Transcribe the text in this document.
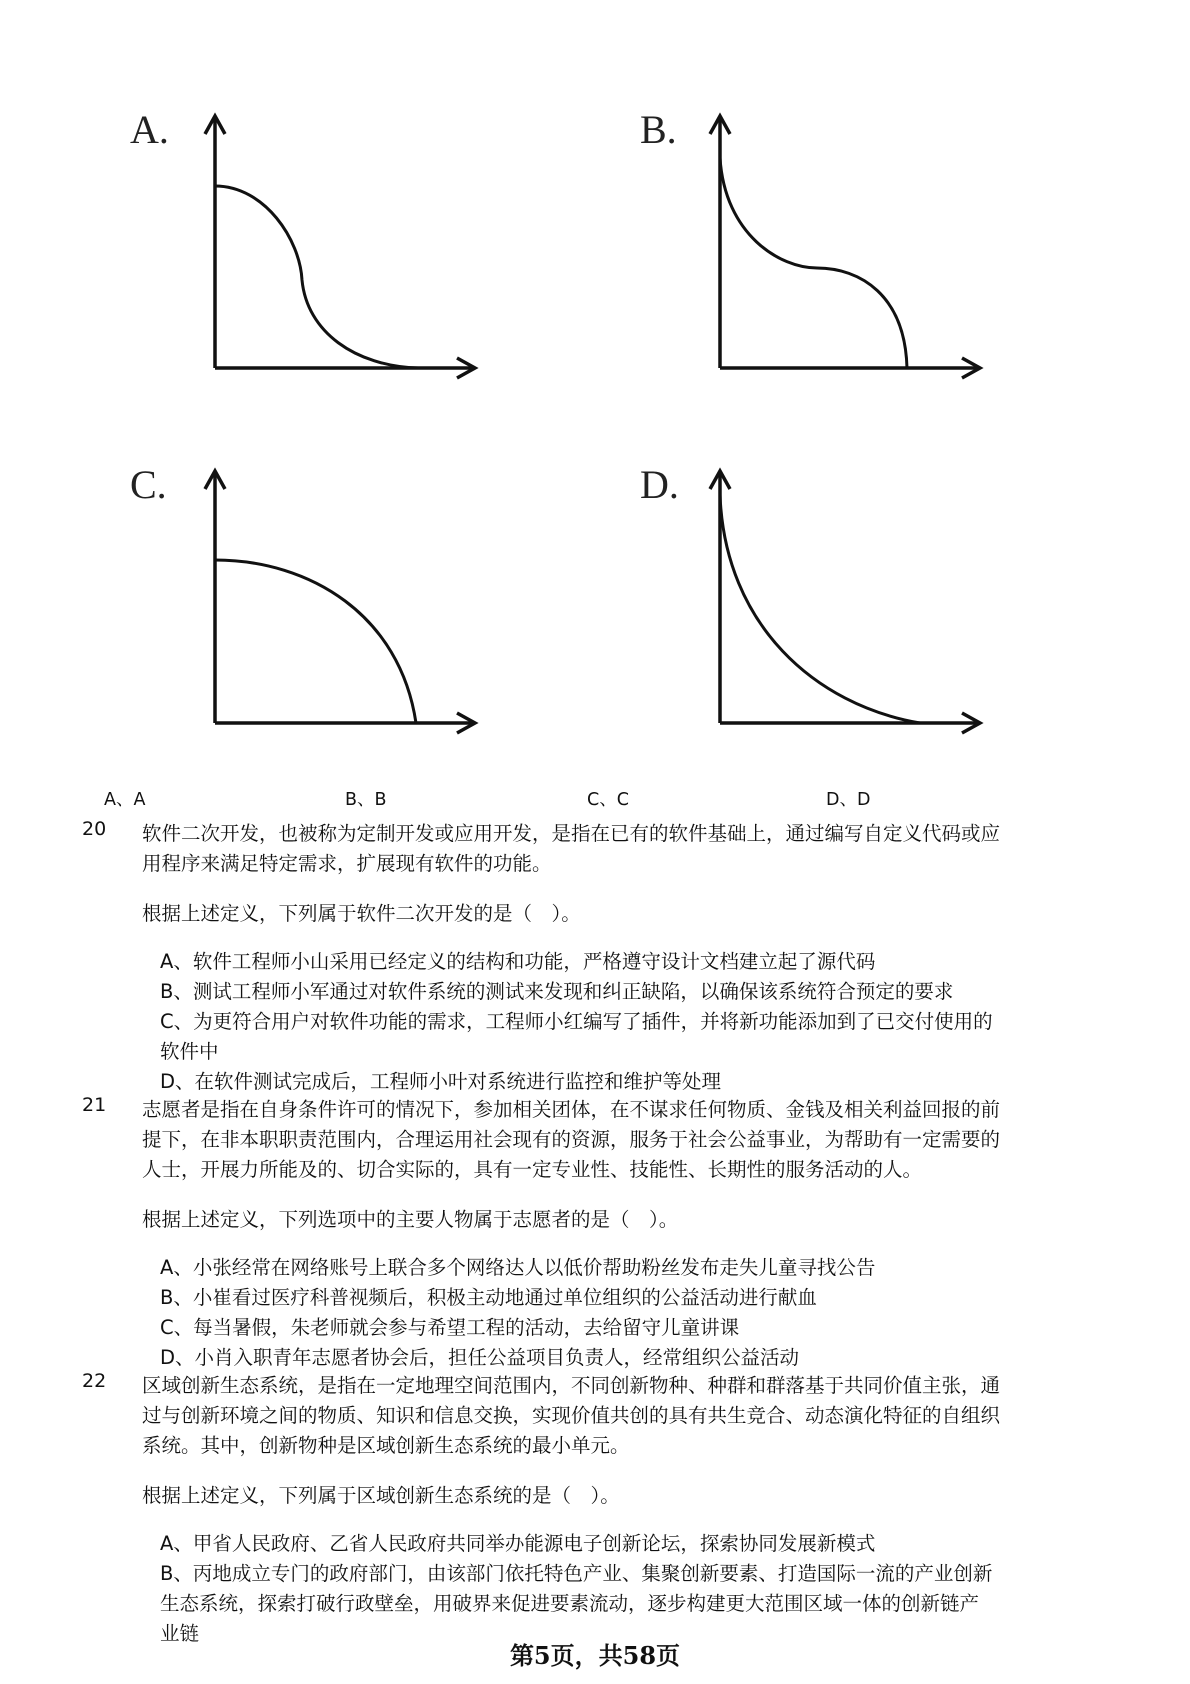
A.	B.
C.	D.
A、A	B、B	C、C	D、D
20 软件二次开发，也被称为定制开发或应用开发，是指在已有的软件基础上，通过编写自定义代码或应
用程序来满足特定需求，扩展现有软件的功能。
根据上述定义，下列属于软件二次开发的是（　）。
A、软件工程师小山采用已经定义的结构和功能，严格遵守设计文档建立起了源代码
B、测试工程师小军通过对软件系统的测试来发现和纠正缺陷，以确保该系统符合预定的要求
C、为更符合用户对软件功能的需求，工程师小红编写了插件，并将新功能添加到了已交付使用的
软件中
D、在软件测试完成后，工程师小叶对系统进行监控和维护等处理
21 志愿者是指在自身条件许可的情况下，参加相关团体，在不谋求任何物质、金钱及相关利益回报的前
提下，在非本职职责范围内，合理运用社会现有的资源，服务于社会公益事业，为帮助有一定需要的
人士，开展力所能及的、切合实际的，具有一定专业性、技能性、长期性的服务活动的人。
根据上述定义，下列选项中的主要人物属于志愿者的是（　）。
A、小张经常在网络账号上联合多个网络达人以低价帮助粉丝发布走失儿童寻找公告
B、小崔看过医疗科普视频后，积极主动地通过单位组织的公益活动进行献血
C、每当暑假，朱老师就会参与希望工程的活动，去给留守儿童讲课
D、小肖入职青年志愿者协会后，担任公益项目负责人，经常组织公益活动
22 区域创新生态系统，是指在一定地理空间范围内，不同创新物种、种群和群落基于共同价值主张，通
过与创新环境之间的物质、知识和信息交换，实现价值共创的具有共生竞合、动态演化特征的自组织
系统。其中，创新物种是区域创新生态系统的最小单元。
根据上述定义，下列属于区域创新生态系统的是（　）。
A、甲省人民政府、乙省人民政府共同举办能源电子创新论坛，探索协同发展新模式
B、丙地成立专门的政府部门，由该部门依托特色产业、集聚创新要素、打造国际一流的产业创新
生态系统，探索打破行政壁垒，用破界来促进要素流动，逐步构建更大范围区域一体的创新链产
业链
第5页，共58页
